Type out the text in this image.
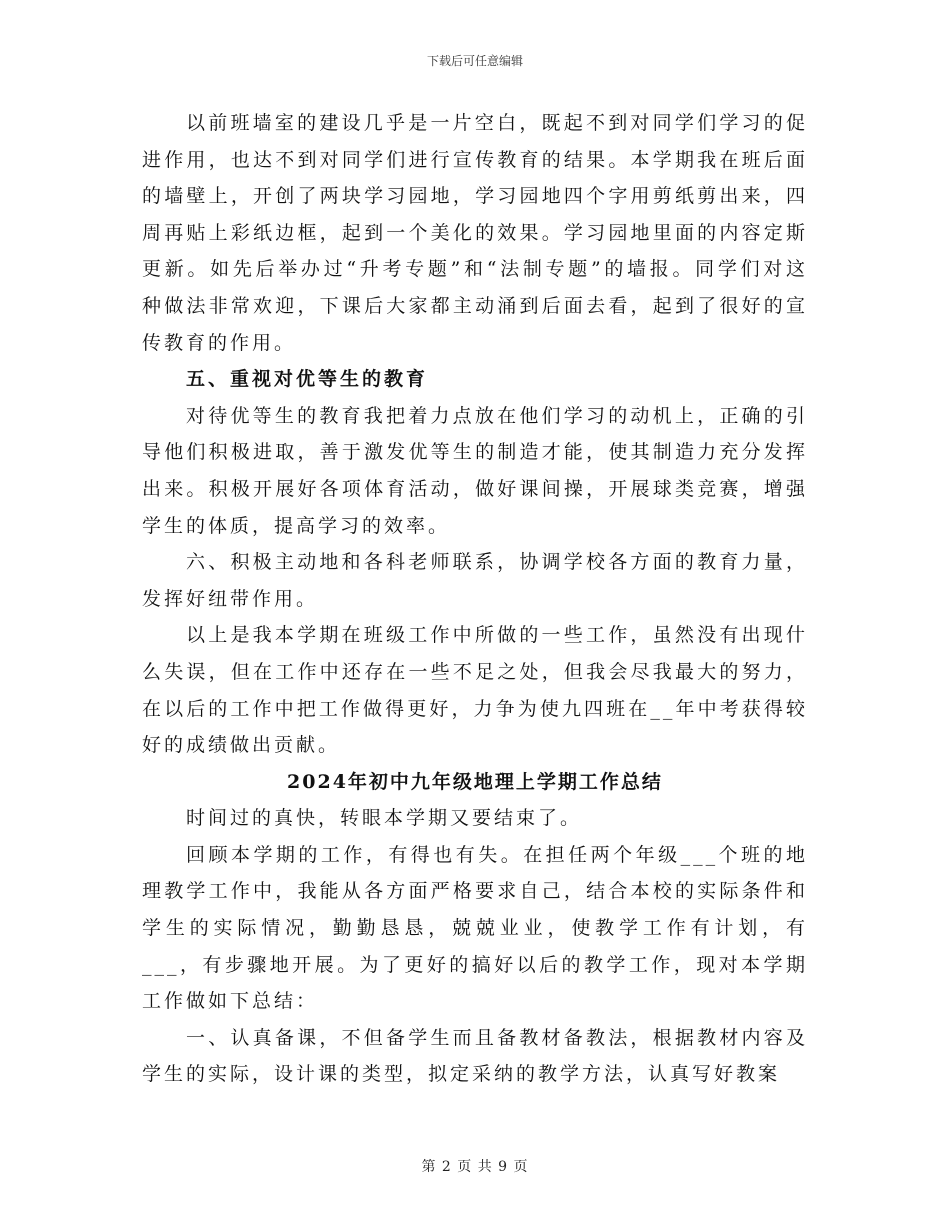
下载后可任意编辑

以前班墙室的建设几乎是一片空白，既起不到对同学们学习的促进作用，也达不到对同学们进行宣传教育的结果。本学期我在班后面的墙壁上，开创了两块学习园地，学习园地四个字用剪纸剪出来，四周再贴上彩纸边框，起到一个美化的效果。学习园地里面的内容定斯更新。如先后举办过“升考专题”和“法制专题”的墙报。同学们对这种做法非常欢迎，下课后大家都主动涌到后面去看，起到了很好的宣传教育的作用。

五、重视对优等生的教育

对待优等生的教育我把着力点放在他们学习的动机上，正确的引导他们积极进取，善于激发优等生的制造才能，使其制造力充分发挥出来。积极开展好各项体育活动，做好课间操，开展球类竞赛，增强学生的体质，提高学习的效率。

六、积极主动地和各科老师联系，协调学校各方面的教育力量，发挥好纽带作用。

以上是我本学期在班级工作中所做的一些工作，虽然没有出现什么失误，但在工作中还存在一些不足之处，但我会尽我最大的努力，在以后的工作中把工作做得更好，力争为使九四班在__年中考获得较好的成绩做出贡献。

2024年初中九年级地理上学期工作总结

时间过的真快，转眼本学期又要结束了。

回顾本学期的工作，有得也有失。在担任两个年级___个班的地理教学工作中，我能从各方面严格要求自己，结合本校的实际条件和学生的实际情况，勤勤恳恳，兢兢业业，使教学工作有计划，有___，有步骤地开展。为了更好的搞好以后的教学工作，现对本学期工作做如下总结：

一、认真备课，不但备学生而且备教材备教法，根据教材内容及学生的实际，设计课的类型，拟定采纳的教学方法，认真写好教案

第 2 页 共 9 页
